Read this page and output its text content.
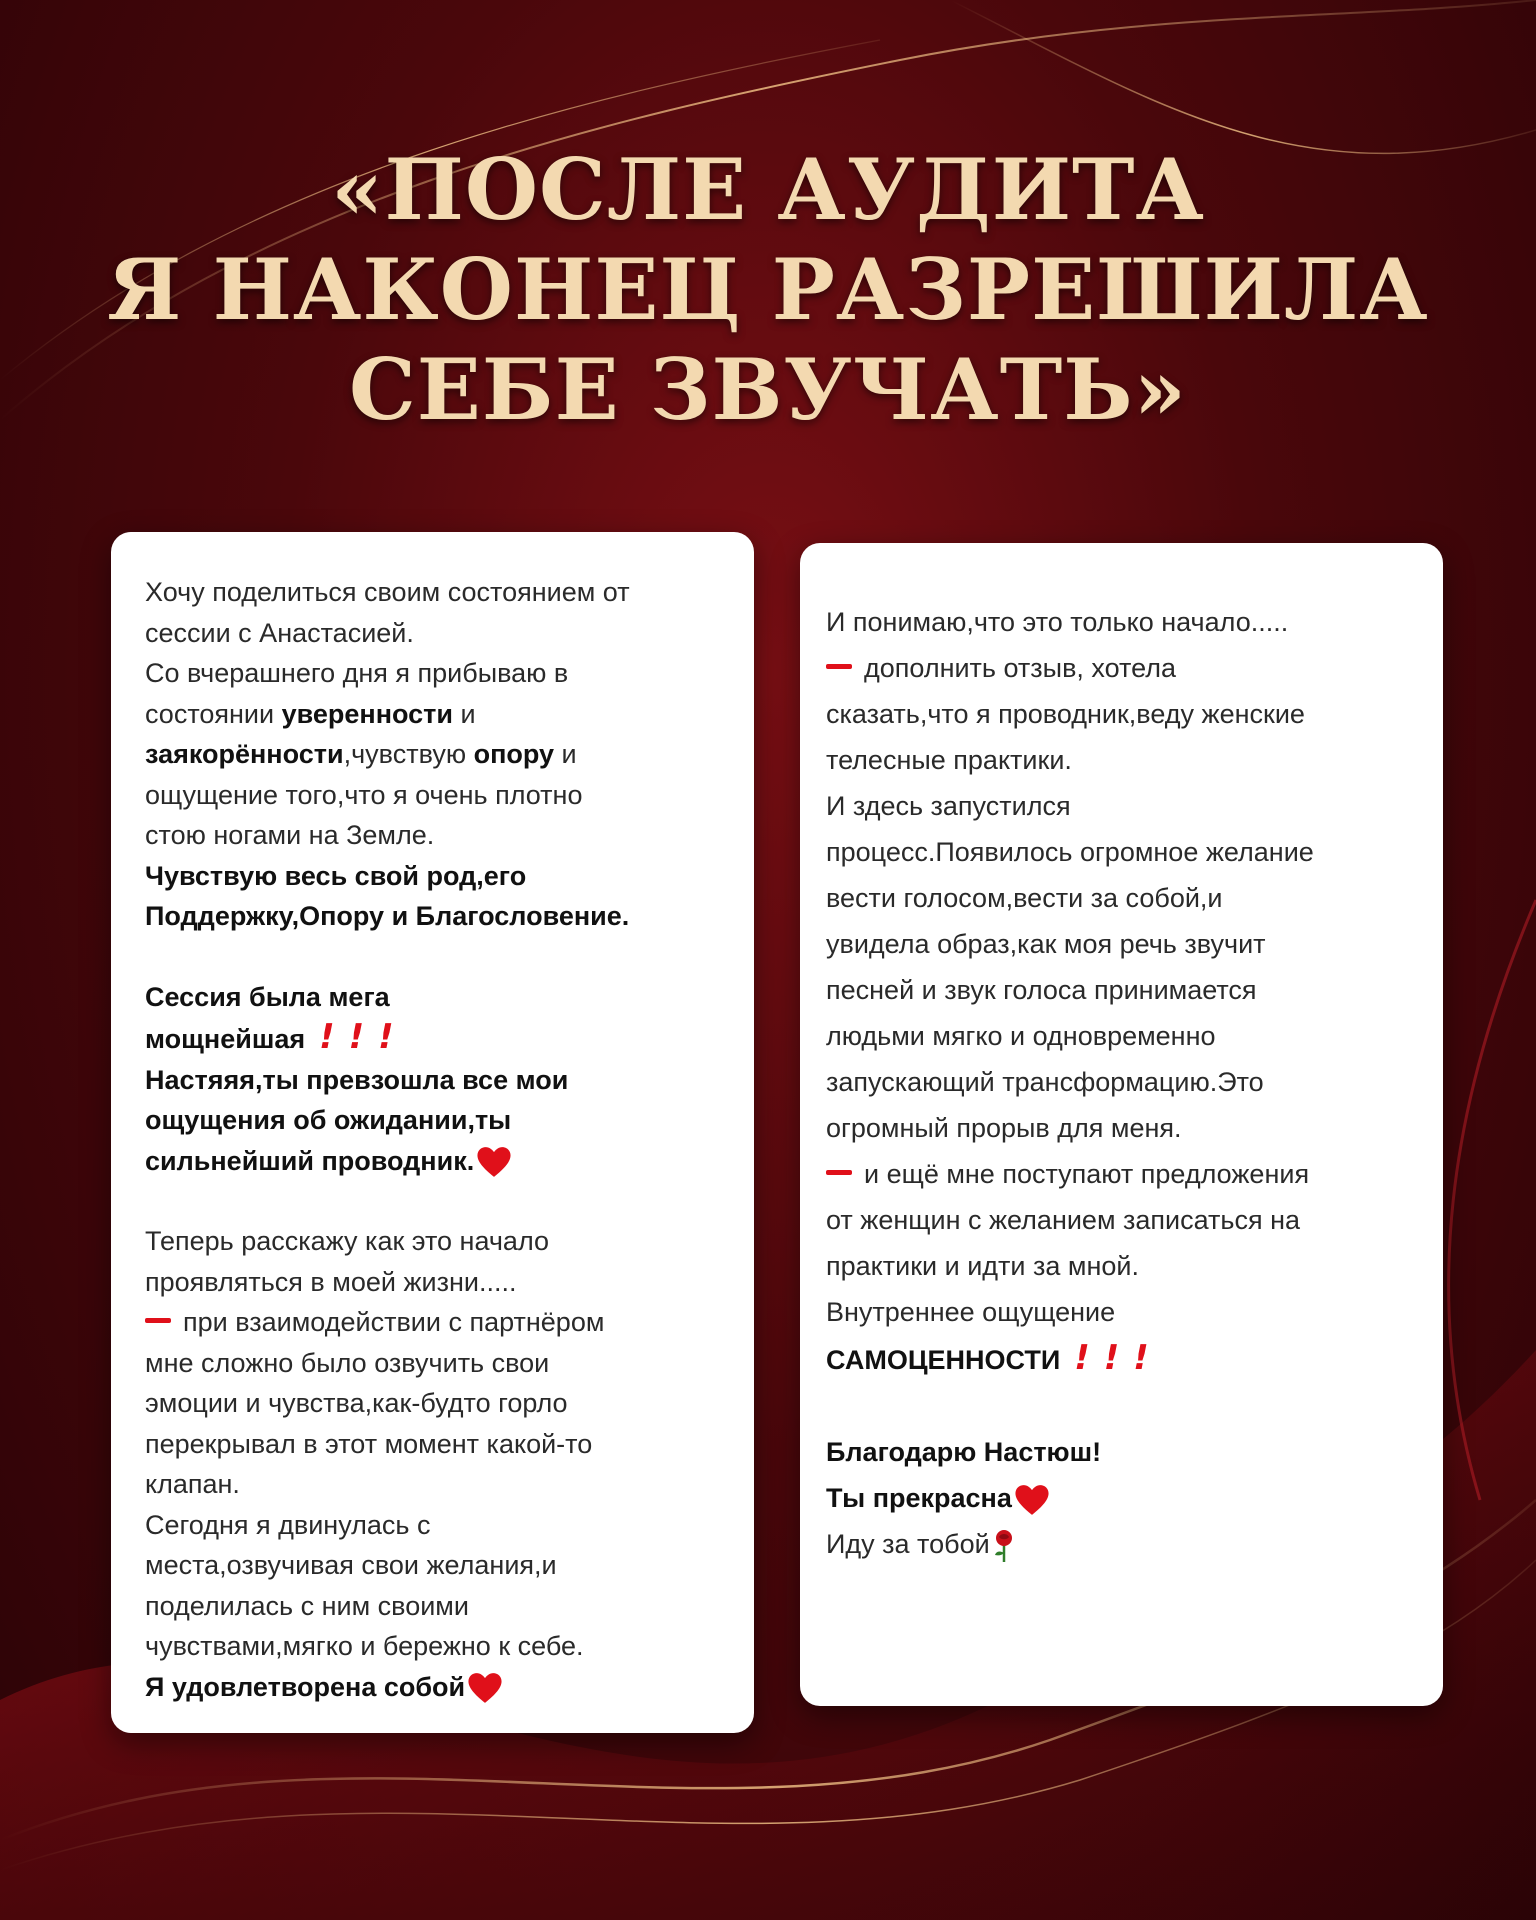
«ПОСЛЕ АУДИТА
Я НАКОНЕЦ РАЗРЕШИЛА
СЕБЕ ЗВУЧАТЬ»

Хочу поделиться своим состоянием от

сессии с Анастасией.

Со вчерашнего дня я прибываю в

состоянии уверенности и

заякорённости,чувствую опору и

ощущение того,что я очень плотно

стою ногами на Земле.

Чувствую весь свой род,его

Поддержку,Опору и Благословение.

Сессия была мега

мощнейшая !!!

Настяяя,ты превзошла все мои

ощущения об ожидании,ты

сильнейший проводник.

Теперь расскажу как это начало

проявляться в моей жизни.....

при взаимодействии с партнёром

мне сложно было озвучить свои

эмоции и чувства,как-будто горло

перекрывал в этот момент какой-то

клапан.

Сегодня я двинулась с

места,озвучивая свои желания,и

поделилась с ним своими

чувствами,мягко и бережно к себе.

Я удовлетворена собой

И понимаю,что это только начало.....

дополнить отзыв, хотела

сказать,что я проводник,веду женские

телесные практики.

И здесь запустился

процесс.Появилось огромное желание

вести голосом,вести за собой,и

увидела образ,как моя речь звучит

песней и звук голоса принимается

людьми мягко и одновременно

запускающий трансформацию.Это

огромный прорыв для меня.

и ещё мне поступают предложения

от женщин с желанием записаться на

практики и идти за мной.

Внутреннее ощущение

САМОЦЕННОСТИ !!!

Благодарю Настюш!

Ты прекрасна

Иду за тобой
